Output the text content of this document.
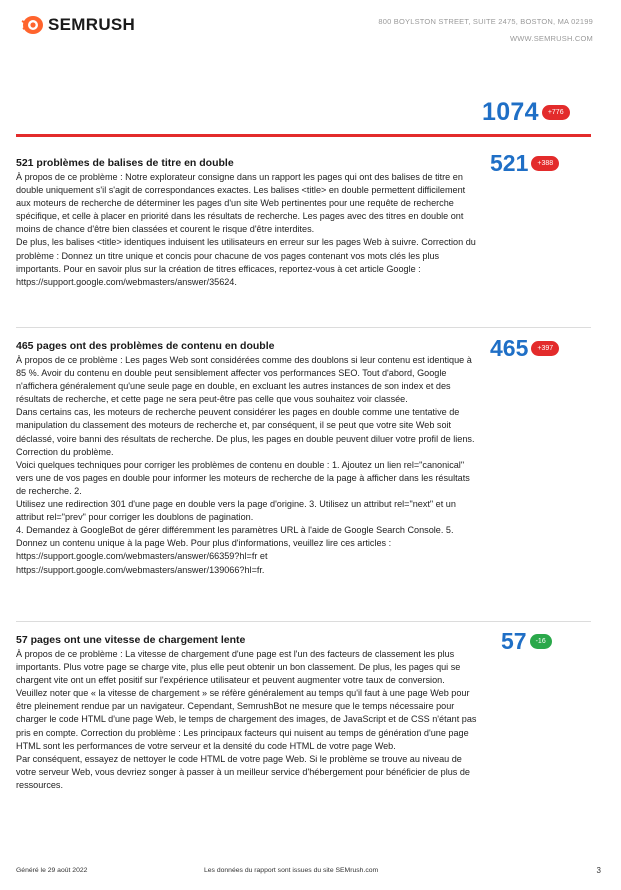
SEMRUSH	800 BOYLSTON STREET, SUITE 2475, BOSTON, MA 02199
WWW.SEMRUSH.COM
1074	+776
521 problèmes de balises de titre en double

À propos de ce problème : Notre explorateur consigne dans un rapport les pages qui ont des balises de titre en double uniquement s'il s'agit de correspondances exactes. Les balises <title> en double permettent difficilement aux moteurs de recherche de déterminer les pages d'un site Web pertinentes pour une requête de recherche spécifique, et celle à placer en priorité dans les résultats de recherche. Les pages avec des titres en double ont moins de chance d'être bien classées et courent le risque d'être interdites.

De plus, les balises <title> identiques induisent les utilisateurs en erreur sur les pages Web à suivre. Correction du problème : Donnez un titre unique et concis pour chacune de vos pages contenant vos mots clés les plus importants. Pour en savoir plus sur la création de titres efficaces, reportez-vous à cet article Google : https://support.google.com/webmasters/answer/35624.

521	+388
465 pages ont des problèmes de contenu en double

À propos de ce problème : Les pages Web sont considérées comme des doublons si leur contenu est identique à 85 %. Avoir du contenu en double peut sensiblement affecter vos performances SEO. Tout d'abord, Google n'affichera généralement qu'une seule page en double, en excluant les autres instances de son index et des résultats de recherche, et cette page ne sera peut-être pas celle que vous souhaitez voir classée.

Dans certains cas, les moteurs de recherche peuvent considérer les pages en double comme une tentative de manipulation du classement des moteurs de recherche et, par conséquent, il se peut que votre site Web soit déclassé, voire banni des résultats de recherche. De plus, les pages en double peuvent diluer votre profil de liens. Correction du problème.

Voici quelques techniques pour corriger les problèmes de contenu en double : 1. Ajoutez un lien rel="canonical" vers une de vos pages en double pour informer les moteurs de recherche de la page à afficher dans les résultats de recherche. 2.

Utilisez une redirection 301 d'une page en double vers la page d'origine. 3. Utilisez un attribut rel="next" et un attribut rel="prev" pour corriger les doublons de pagination.

4. Demandez à GoogleBot de gérer différemment les paramètres URL à l'aide de Google Search Console. 5.

Donnez un contenu unique à la page Web. Pour plus d'informations, veuillez lire ces articles : https://support.google.com/webmasters/answer/66359?hl=fr et https://support.google.com/webmasters/answer/139066?hl=fr.

465	+397
57 pages ont une vitesse de chargement lente

À propos de ce problème : La vitesse de chargement d'une page est l'un des facteurs de classement les plus importants. Plus votre page se charge vite, plus elle peut obtenir un bon classement. De plus, les pages qui se chargent vite ont un effet positif sur l'expérience utilisateur et peuvent augmenter votre taux de conversion.

Veuillez noter que « la vitesse de chargement » se réfère généralement au temps qu'il faut à une page Web pour être pleinement rendue par un navigateur. Cependant, SemrushBot ne mesure que le temps nécessaire pour charger le code HTML d'une page Web, le temps de chargement des images, de JavaScript et de CSS n'étant pas pris en compte. Correction du problème : Les principaux facteurs qui nuisent au temps de génération d'une page HTML sont les performances de votre serveur et la densité du code HTML de votre page Web.

Par conséquent, essayez de nettoyer le code HTML de votre page Web. Si le problème se trouve au niveau de votre serveur Web, vous devriez songer à passer à un meilleur service d'hébergement pour bénéficier de plus de ressources.

57	-16
Généré le 29 août 2022	Les données du rapport sont issues du site SEMrush.com	3
